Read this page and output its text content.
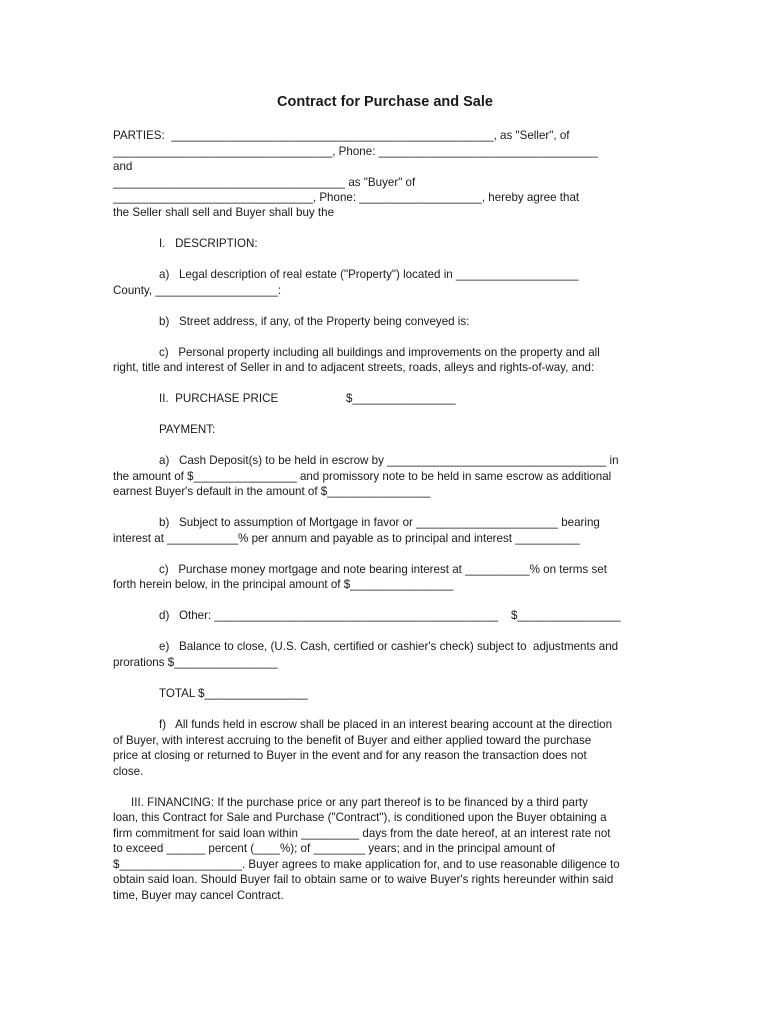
Contract for Purchase and Sale
PARTIES:  __________________________________________________, as "Seller", of
__________________________________, Phone: __________________________________
and
____________________________________ as "Buyer" of
_______________________________, Phone: ___________________, hereby agree that
the Seller shall sell and Buyer shall buy the
I.   DESCRIPTION:
a)   Legal description of real estate ("Property") located in ___________________
County, ___________________:
b)   Street address, if any, of the Property being conveyed is:
c)   Personal property including all buildings and improvements on the property and all
right, title and interest of Seller in and to adjacent streets, roads, alleys and rights-of-way, and:
II.  PURCHASE PRICE	$________________
PAYMENT:
a)   Cash Deposit(s) to be held in escrow by __________________________________ in
the amount of $________________ and promissory note to be held in same escrow as additional
earnest Buyer's default in the amount of $________________
b)   Subject to assumption of Mortgage in favor or ______________________ bearing
interest at ___________% per annum and payable as to principal and interest __________
c)   Purchase money mortgage and note bearing interest at __________% on terms set
forth herein below, in the principal amount of $________________
d)   Other: ____________________________________________    $________________
e)   Balance to close, (U.S. Cash, certified or cashier's check) subject to  adjustments and
prorations $________________
TOTAL $________________
f)   All funds held in escrow shall be placed in an interest bearing account at the direction
of Buyer, with interest accruing to the benefit of Buyer and either applied toward the purchase
price at closing or returned to Buyer in the event and for any reason the transaction does not
close.
III. FINANCING: If the purchase price or any part thereof is to be financed by a third party
loan, this Contract for Sale and Purchase ("Contract"), is conditioned upon the Buyer obtaining a
firm commitment for said loan within _________ days from the date hereof, at an interest rate not
to exceed ______ percent (____%); of ________ years; and in the principal amount of
$___________________. Buyer agrees to make application for, and to use reasonable diligence to
obtain said loan. Should Buyer fail to obtain same or to waive Buyer's rights hereunder within said
time, Buyer may cancel Contract.
